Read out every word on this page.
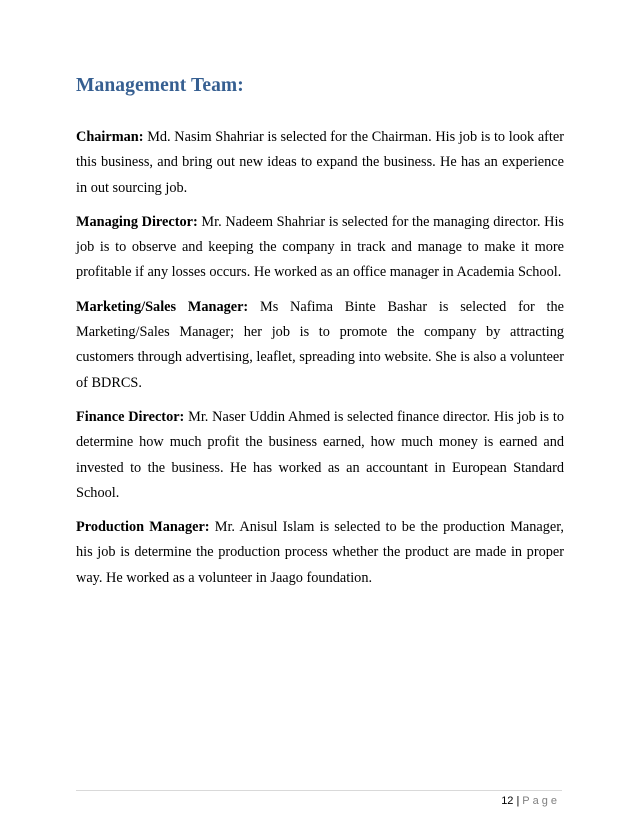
Management Team:

Chairman: Md. Nasim Shahriar is selected for the Chairman. His job is to look after this business, and bring out new ideas to expand the business. He has an experience in out sourcing job.

Managing Director: Mr. Nadeem Shahriar is selected for the managing director. His job is to observe and keeping the company in track and manage to make it more profitable if any losses occurs. He worked as an office manager in Academia School.

Marketing/Sales Manager: Ms Nafima Binte Bashar is selected for the Marketing/Sales Manager; her job is to promote the company by attracting customers through advertising, leaflet, spreading into website. She is also a volunteer of BDRCS.

Finance Director: Mr. Naser Uddin Ahmed is selected finance director. His job is to determine how much profit the business earned, how much money is earned and invested to the business. He has worked as an accountant in European Standard School.

Production Manager: Mr. Anisul Islam is selected to be the production Manager, his job is determine the production process whether the product are made in proper way. He worked as a volunteer in Jaago foundation.

12 | Page
